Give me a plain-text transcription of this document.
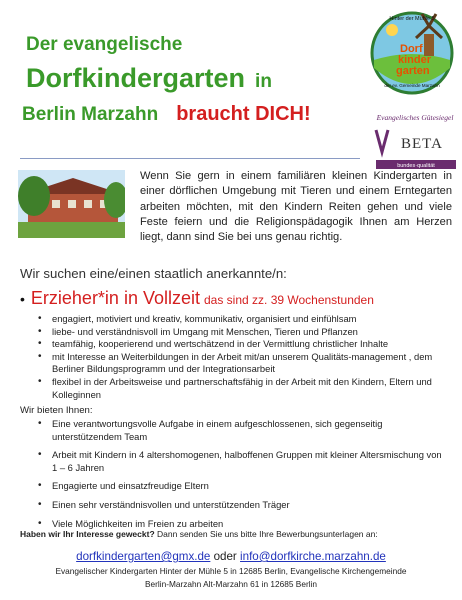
Der evangelische
Dorfkindergarten in
Berlin Marzahn braucht DICH!
Hinter der Mühle 5
Dorf
kinder
garten
der ev. Gemeinde Marzahn
Evangelisches Gütesiegel
BETA
bundes·qualität
Wenn Sie gern in einem familiären kleinen Kindergarten in einer dörflichen Umgebung mit Tieren und einem Erntegarten arbeiten möchten, mit den Kindern Reiten gehen und viele Feste feiern und die Religionspädagogik Ihnen am Herzen liegt, dann sind Sie bei uns genau richtig.
Wir suchen eine/einen staatlich anerkannte/n:
• Erzieher*in in Vollzeit das sind zz. 39 Wochenstunden
• engagiert, motiviert und kreativ, kommunikativ, organisiert und einfühlsam
• liebe- und verständnisvoll im Umgang mit Menschen, Tieren und Pflanzen
• teamfähig, kooperierend und wertschätzend in der Vermittlung christlicher Inhalte
• mit Interesse an Weiterbildungen in der Arbeit mit/an unserem Qualitäts-management , dem Berliner Bildungsprogramm und der Integrationsarbeit
• flexibel in der Arbeitsweise und partnerschaftsfähig in der Arbeit mit den Kindern, Eltern und Kolleginnen
Wir bieten Ihnen:
• Eine verantwortungsvolle Aufgabe in einem aufgeschlossenen, sich gegenseitig unterstützendem Team
• Arbeit mit Kindern in 4 altershomogenen, halboffenen Gruppen mit kleiner Altersmischung von 1 – 6 Jahren
• Engagierte und einsatzfreudige Eltern
• Einen sehr verständnisvollen und unterstützenden Träger
• Viele Möglichkeiten im Freien zu arbeiten
Haben wir Ihr Interesse geweckt? Dann senden Sie uns bitte Ihre Bewerbungsunterlagen an:
dorfkindergarten@gmx.de oder info@dorfkirche.marzahn.de
Evangelischer Kindergarten Hinter der Mühle 5 in 12685 Berlin, Evangelische Kirchengemeinde
Berlin-Marzahn Alt-Marzahn 61 in 12685 Berlin
